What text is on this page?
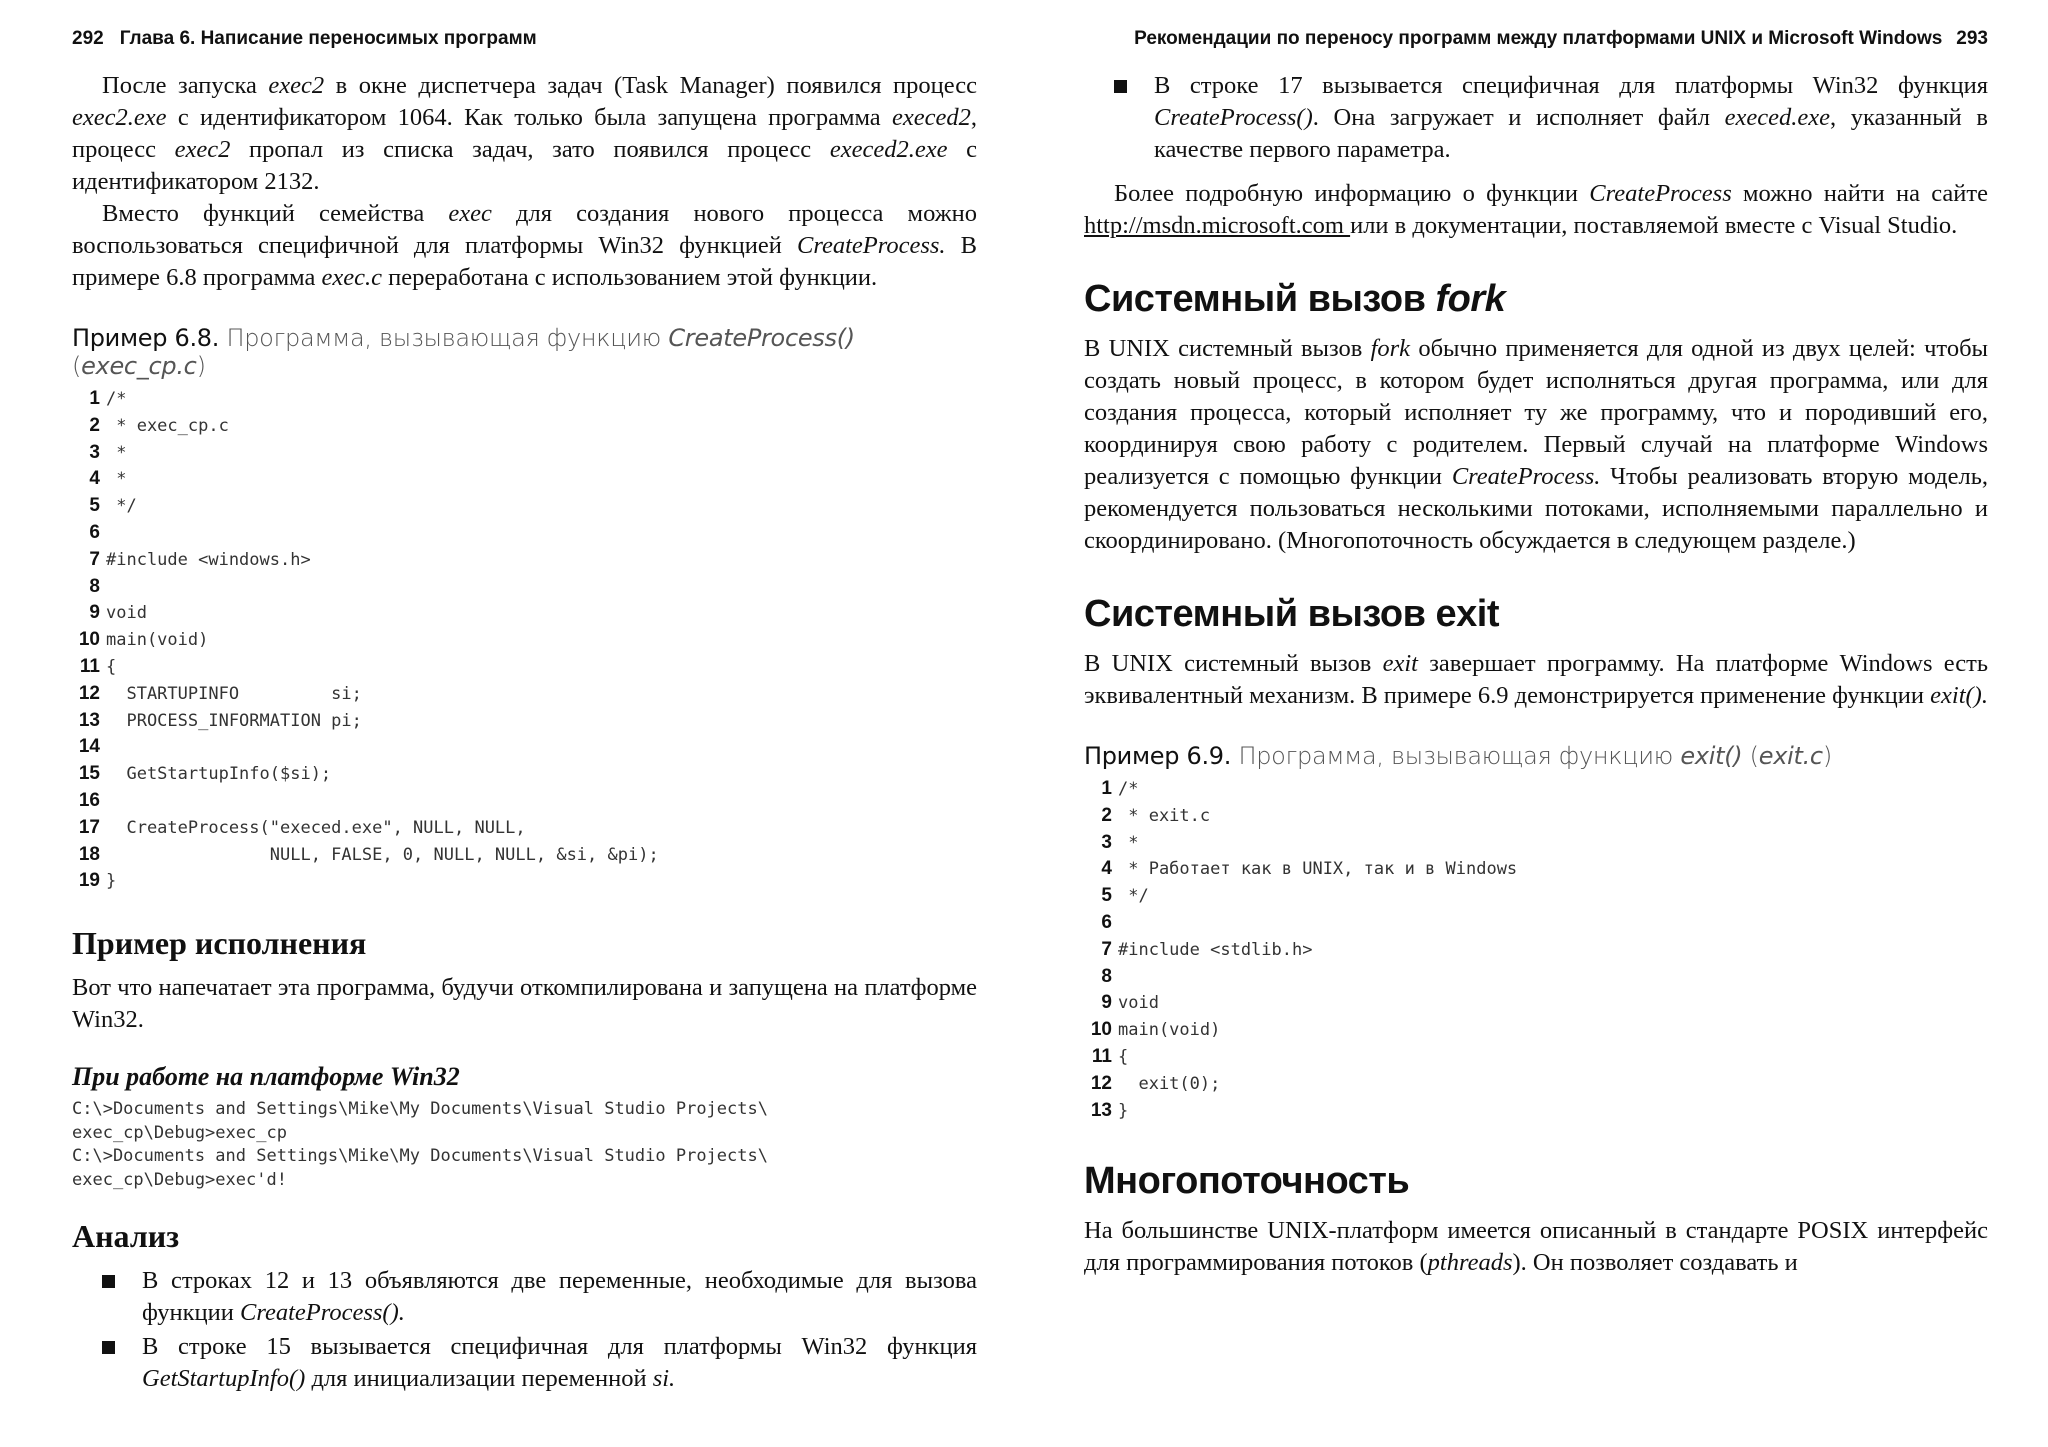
292 Глава 6. Написание переносимых программ

После запуска exec2 в окне диспетчера задач (Task Manager) появился процесс exec2.exe с идентификатором 1064. Как только была запущена программа execed2, процесс exec2 пропал из списка задач, зато появился процесс execed2.exe с идентификатором 2132.

Вместо функций семейства exec для создания нового процесса можно воспользоваться специфичной для платформы Win32 функцией CreateProcess. В примере 6.8 программа exec.c переработана с использованием этой функции.

Пример 6.8. Программа, вызывающая функцию CreateProcess() (exec_cp.c)
1 /*
2 * exec_cp.c
3 *
4 *
5 */
6
7 #include <windows.h>
8
9 void
10 main(void)
11 {
12  STARTUPINFO         si;
13  PROCESS_INFORMATION pi;
14
15  GetStartupInfo($si);
16
17  CreateProcess("execed.exe", NULL, NULL,
18                NULL, FALSE, 0, NULL, NULL, &si, &pi);
19 }
Пример исполнения

Вот что напечатает эта программа, будучи откомпилирована и запущена на платформе Win32.

При работе на платформе Win32
C:\>Documents and Settings\Mike\My Documents\Visual Studio Projects\
exec_cp\Debug>exec_cp
C:\>Documents and Settings\Mike\My Documents\Visual Studio Projects\
exec_cp\Debug>exec'd!
Анализ
В строках 12 и 13 объявляются две переменные, необходимые для вызова функции CreateProcess().
В строке 15 вызывается специфичная для платформы Win32 функция GetStartupInfo() для инициализации переменной si.
Рекомендации по переносу программ между платформами UNIX и Microsoft Windows 293
В строке 17 вызывается специфичная для платформы Win32 функция CreateProcess(). Она загружает и исполняет файл execed.exe, указанный в качестве первого параметра.

Более подробную информацию о функции CreateProcess можно найти на сайте http://msdn.microsoft.com или в документации, поставляемой вместе с Visual Studio.

Системный вызов fork

В UNIX системный вызов fork обычно применяется для одной из двух целей: чтобы создать новый процесс, в котором будет исполняться другая программа, или для создания процесса, который исполняет ту же программу, что и породивший его, координируя свою работу с родителем. Первый случай на платформе Windows реализуется с помощью функции CreateProcess. Чтобы реализовать вторую модель, рекомендуется пользоваться несколькими потоками, исполняемыми параллельно и скоординировано. (Многопоточность обсуждается в следующем разделе.)

Системный вызов exit

В UNIX системный вызов exit завершает программу. На платформе Windows есть эквивалентный механизм. В примере 6.9 демонстрируется применение функции exit().

Пример 6.9. Программа, вызывающая функцию exit() (exit.c)
1 /*
2 * exit.c
3 *
4 * Работает как в UNIX, так и в Windows
5 */
6
7 #include <stdlib.h>
8
9 void
10 main(void)
11 {
12  exit(0);
13 }
Многопоточность

На большинстве UNIX-платформ имеется описанный в стандарте POSIX интерфейс для программирования потоков (pthreads). Он позволяет создавать и
